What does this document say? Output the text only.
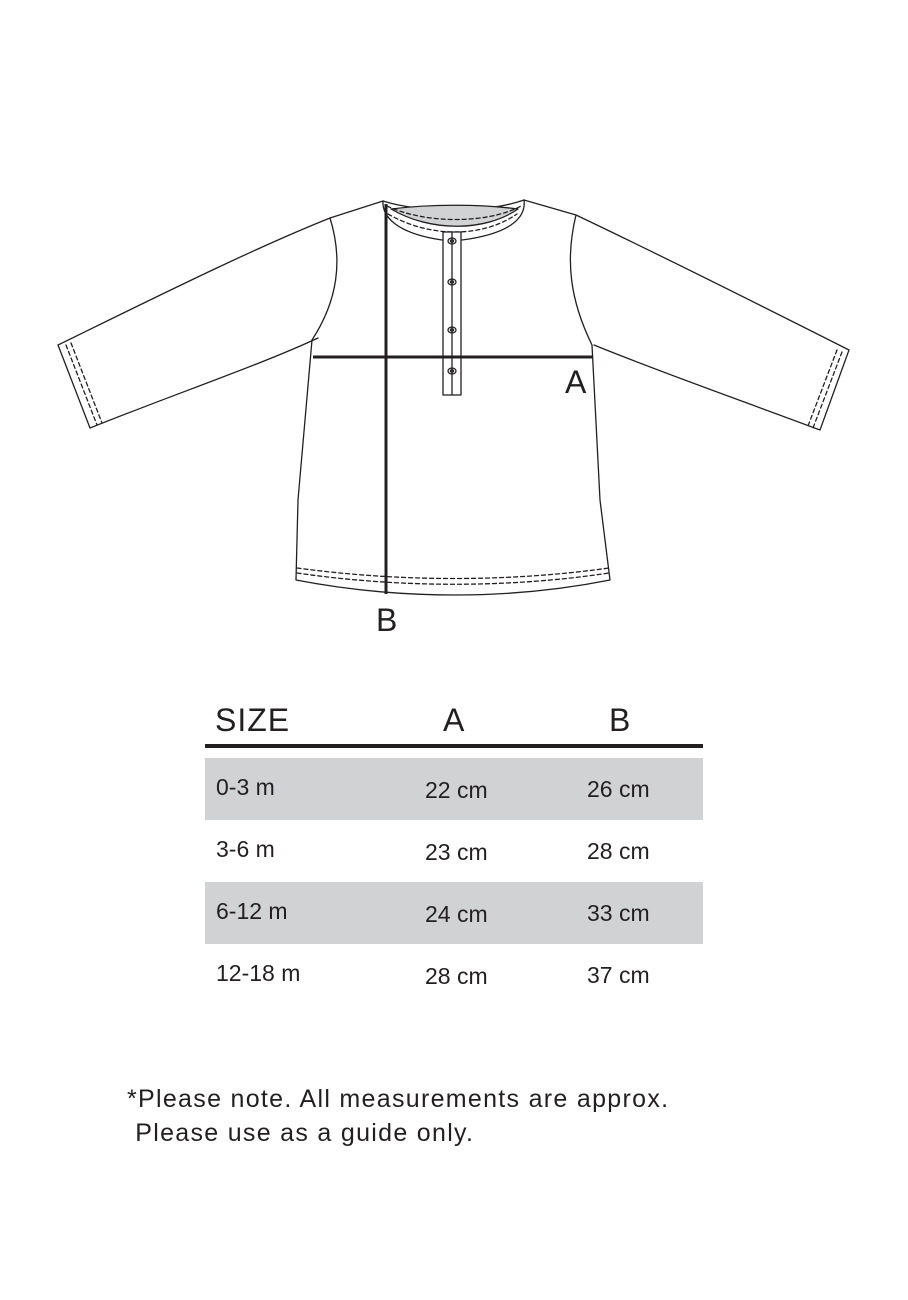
A
B
SIZE	A	B

0-3 m	22 cm	26 cm
3-6 m	23 cm	28 cm
6-12 m	24 cm	33 cm
12-18 m	28 cm	37 cm
*Please note. All measurements are approx.
Please use as a guide only.
